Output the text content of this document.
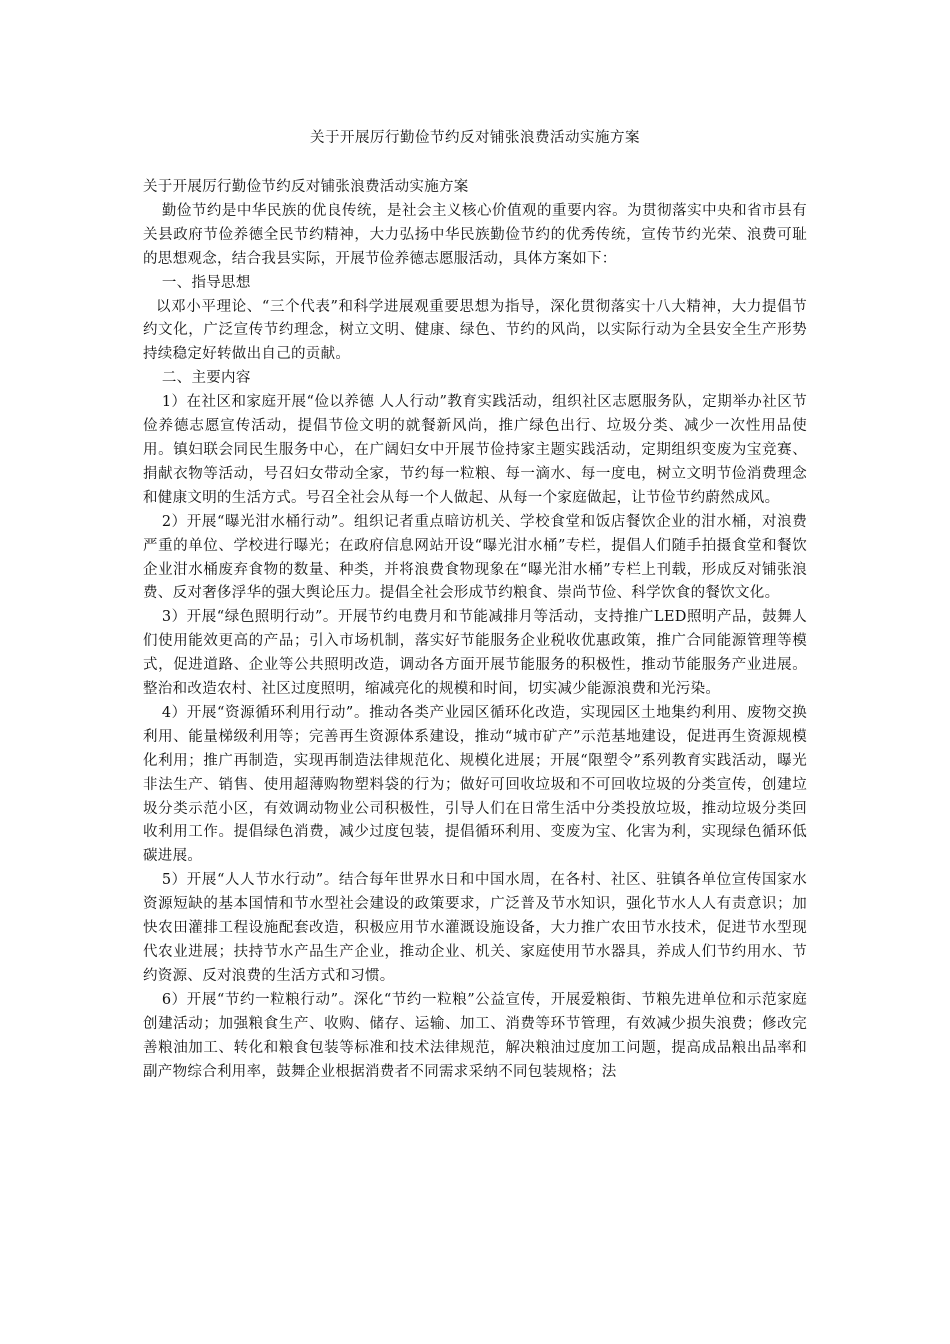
关于开展厉行勤俭节约反对铺张浪费活动实施方案

关于开展厉行勤俭节约反对铺张浪费活动实施方案

勤俭节约是中华民族的优良传统，是社会主义核心价值观的重要内容。为贯彻落实中央和省市县有关县政府节俭养德全民节约精神，大力弘扬中华民族勤俭节约的优秀传统，宣传节约光荣、浪费可耻的思想观念，结合我县实际，开展节俭养德志愿服活动，具体方案如下：

一、指导思想

以邓小平理论、“三个代表”和科学进展观重要思想为指导，深化贯彻落实十八大精神，大力提倡节约文化，广泛宣传节约理念，树立文明、健康、绿色、节约的风尚，以实际行动为全县安全生产形势持续稳定好转做出自己的贡献。

二、主要内容

1）在社区和家庭开展“俭以养德 人人行动”教育实践活动，组织社区志愿服务队，定期举办社区节俭养德志愿宣传活动，提倡节俭文明的就餐新风尚，推广绿色出行、垃圾分类、减少一次性用品使用。镇妇联会同民生服务中心，在广阔妇女中开展节俭持家主题实践活动，定期组织变废为宝竞赛、捐献衣物等活动，号召妇女带动全家，节约每一粒粮、每一滴水、每一度电，树立文明节俭消费理念和健康文明的生活方式。号召全社会从每一个人做起、从每一个家庭做起，让节俭节约蔚然成风。

2）开展“曝光泔水桶行动”。组织记者重点暗访机关、学校食堂和饭店餐饮企业的泔水桶，对浪费严重的单位、学校进行曝光；在政府信息网站开设“曝光泔水桶”专栏，提倡人们随手拍摄食堂和餐饮企业泔水桶废弃食物的数量、种类，并将浪费食物现象在“曝光泔水桶”专栏上刊载，形成反对铺张浪费、反对奢侈浮华的强大舆论压力。提倡全社会形成节约粮食、崇尚节俭、科学饮食的餐饮文化。

3）开展“绿色照明行动”。开展节约电费月和节能减排月等活动，支持推广LED照明产品，鼓舞人们使用能效更高的产品；引入市场机制，落实好节能服务企业税收优惠政策，推广合同能源管理等模式，促进道路、企业等公共照明改造，调动各方面开展节能服务的积极性，推动节能服务产业进展。整治和改造农村、社区过度照明，缩减亮化的规模和时间，切实减少能源浪费和光污染。

4）开展“资源循环利用行动”。推动各类产业园区循环化改造，实现园区土地集约利用、废物交换利用、能量梯级利用等；完善再生资源体系建设，推动“城市矿产”示范基地建设，促进再生资源规模化利用；推广再制造，实现再制造法律规范化、规模化进展；开展“限塑令”系列教育实践活动，曝光非法生产、销售、使用超薄购物塑料袋的行为；做好可回收垃圾和不可回收垃圾的分类宣传，创建垃圾分类示范小区，有效调动物业公司积极性，引导人们在日常生活中分类投放垃圾，推动垃圾分类回收利用工作。提倡绿色消费，减少过度包装，提倡循环利用、变废为宝、化害为利，实现绿色循环低碳进展。

5）开展“人人节水行动”。结合每年世界水日和中国水周，在各村、社区、驻镇各单位宣传国家水资源短缺的基本国情和节水型社会建设的政策要求，广泛普及节水知识，强化节水人人有责意识；加快农田灌排工程设施配套改造，积极应用节水灌溉设施设备，大力推广农田节水技术，促进节水型现代农业进展；扶持节水产品生产企业，推动企业、机关、家庭使用节水器具，养成人们节约用水、节约资源、反对浪费的生活方式和习惯。

6）开展“节约一粒粮行动”。深化“节约一粒粮”公益宣传，开展爱粮街、节粮先进单位和示范家庭创建活动；加强粮食生产、收购、储存、运输、加工、消费等环节管理，有效减少损失浪费；修改完善粮油加工、转化和粮食包装等标准和技术法律规范，解决粮油过度加工问题，提高成品粮出品率和副产物综合利用率，鼓舞企业根据消费者不同需求采纳不同包装规格；法
